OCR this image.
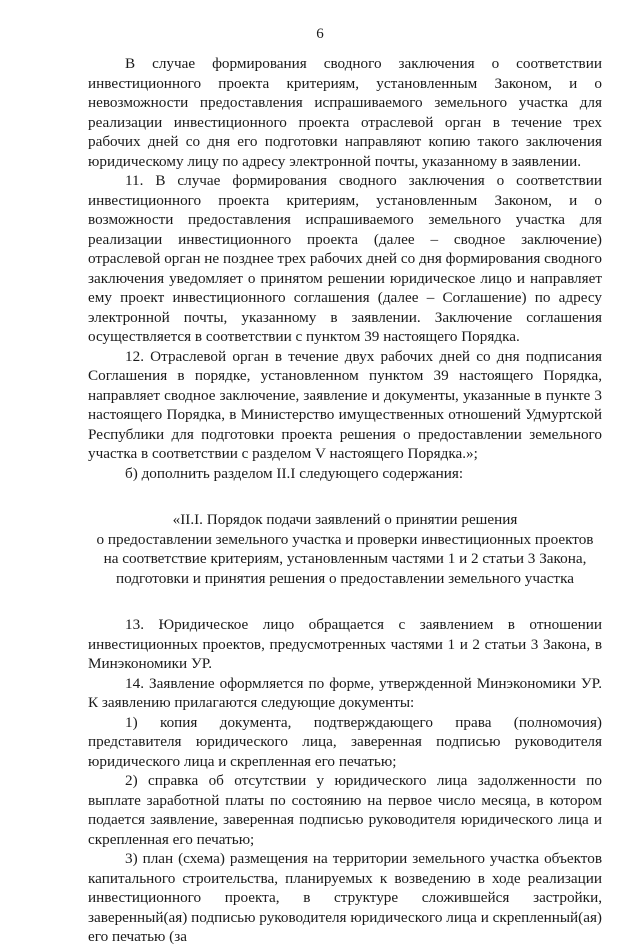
6

В случае формирования сводного заключения о соответствии инвестиционного проекта критериям, установленным Законом, и о невозможности предоставления испрашиваемого земельного участка для реализации инвестиционного проекта отраслевой орган в течение трех рабочих дней со дня его подготовки направляют копию такого заключения юридическому лицу по адресу электронной почты, указанному в заявлении.

11. В случае формирования сводного заключения о соответствии инвестиционного проекта критериям, установленным Законом, и о возможности предоставления испрашиваемого земельного участка для реализации инвестиционного проекта (далее – сводное заключение) отраслевой орган не позднее трех рабочих дней со дня формирования сводного заключения уведомляет о принятом решении юридическое лицо и направляет ему проект инвестиционного соглашения (далее – Соглашение) по адресу электронной почты, указанному в заявлении. Заключение соглашения осуществляется в соответствии с пунктом 39 настоящего Порядка.

12. Отраслевой орган в течение двух рабочих дней со дня подписания Соглашения в порядке, установленном пунктом 39 настоящего Порядка, направляет сводное заключение, заявление и документы, указанные в пункте 3 настоящего Порядка, в Министерство имущественных отношений Удмуртской Республики для подготовки проекта решения о предоставлении земельного участка в соответствии с разделом V настоящего Порядка.»;

б) дополнить разделом II.I следующего содержания:

«II.I. Порядок подачи заявлений о принятии решения
о предоставлении земельного участка и проверки инвестиционных проектов
на соответствие критериям, установленным частями 1 и 2 статьи 3 Закона,
подготовки и принятия решения о предоставлении земельного участка

13. Юридическое лицо обращается с заявлением в отношении инвестиционных проектов, предусмотренных частями 1 и 2 статьи 3 Закона, в Минэкономики УР.

14. Заявление оформляется по форме, утвержденной Минэкономики УР. К заявлению прилагаются следующие документы:

1) копия документа, подтверждающего права (полномочия) представителя юридического лица, заверенная подписью руководителя юридического лица и скрепленная его печатью;

2) справка об отсутствии у юридического лица задолженности по выплате заработной платы по состоянию на первое число месяца, в котором подается заявление, заверенная подписью руководителя юридического лица и скрепленная его печатью;

3) план (схема) размещения на территории земельного участка объектов капитального строительства, планируемых к возведению в ходе реализации инвестиционного проекта, в структуре сложившейся застройки, заверенный(ая) подписью руководителя юридического лица и скрепленный(ая) его печатью (за
